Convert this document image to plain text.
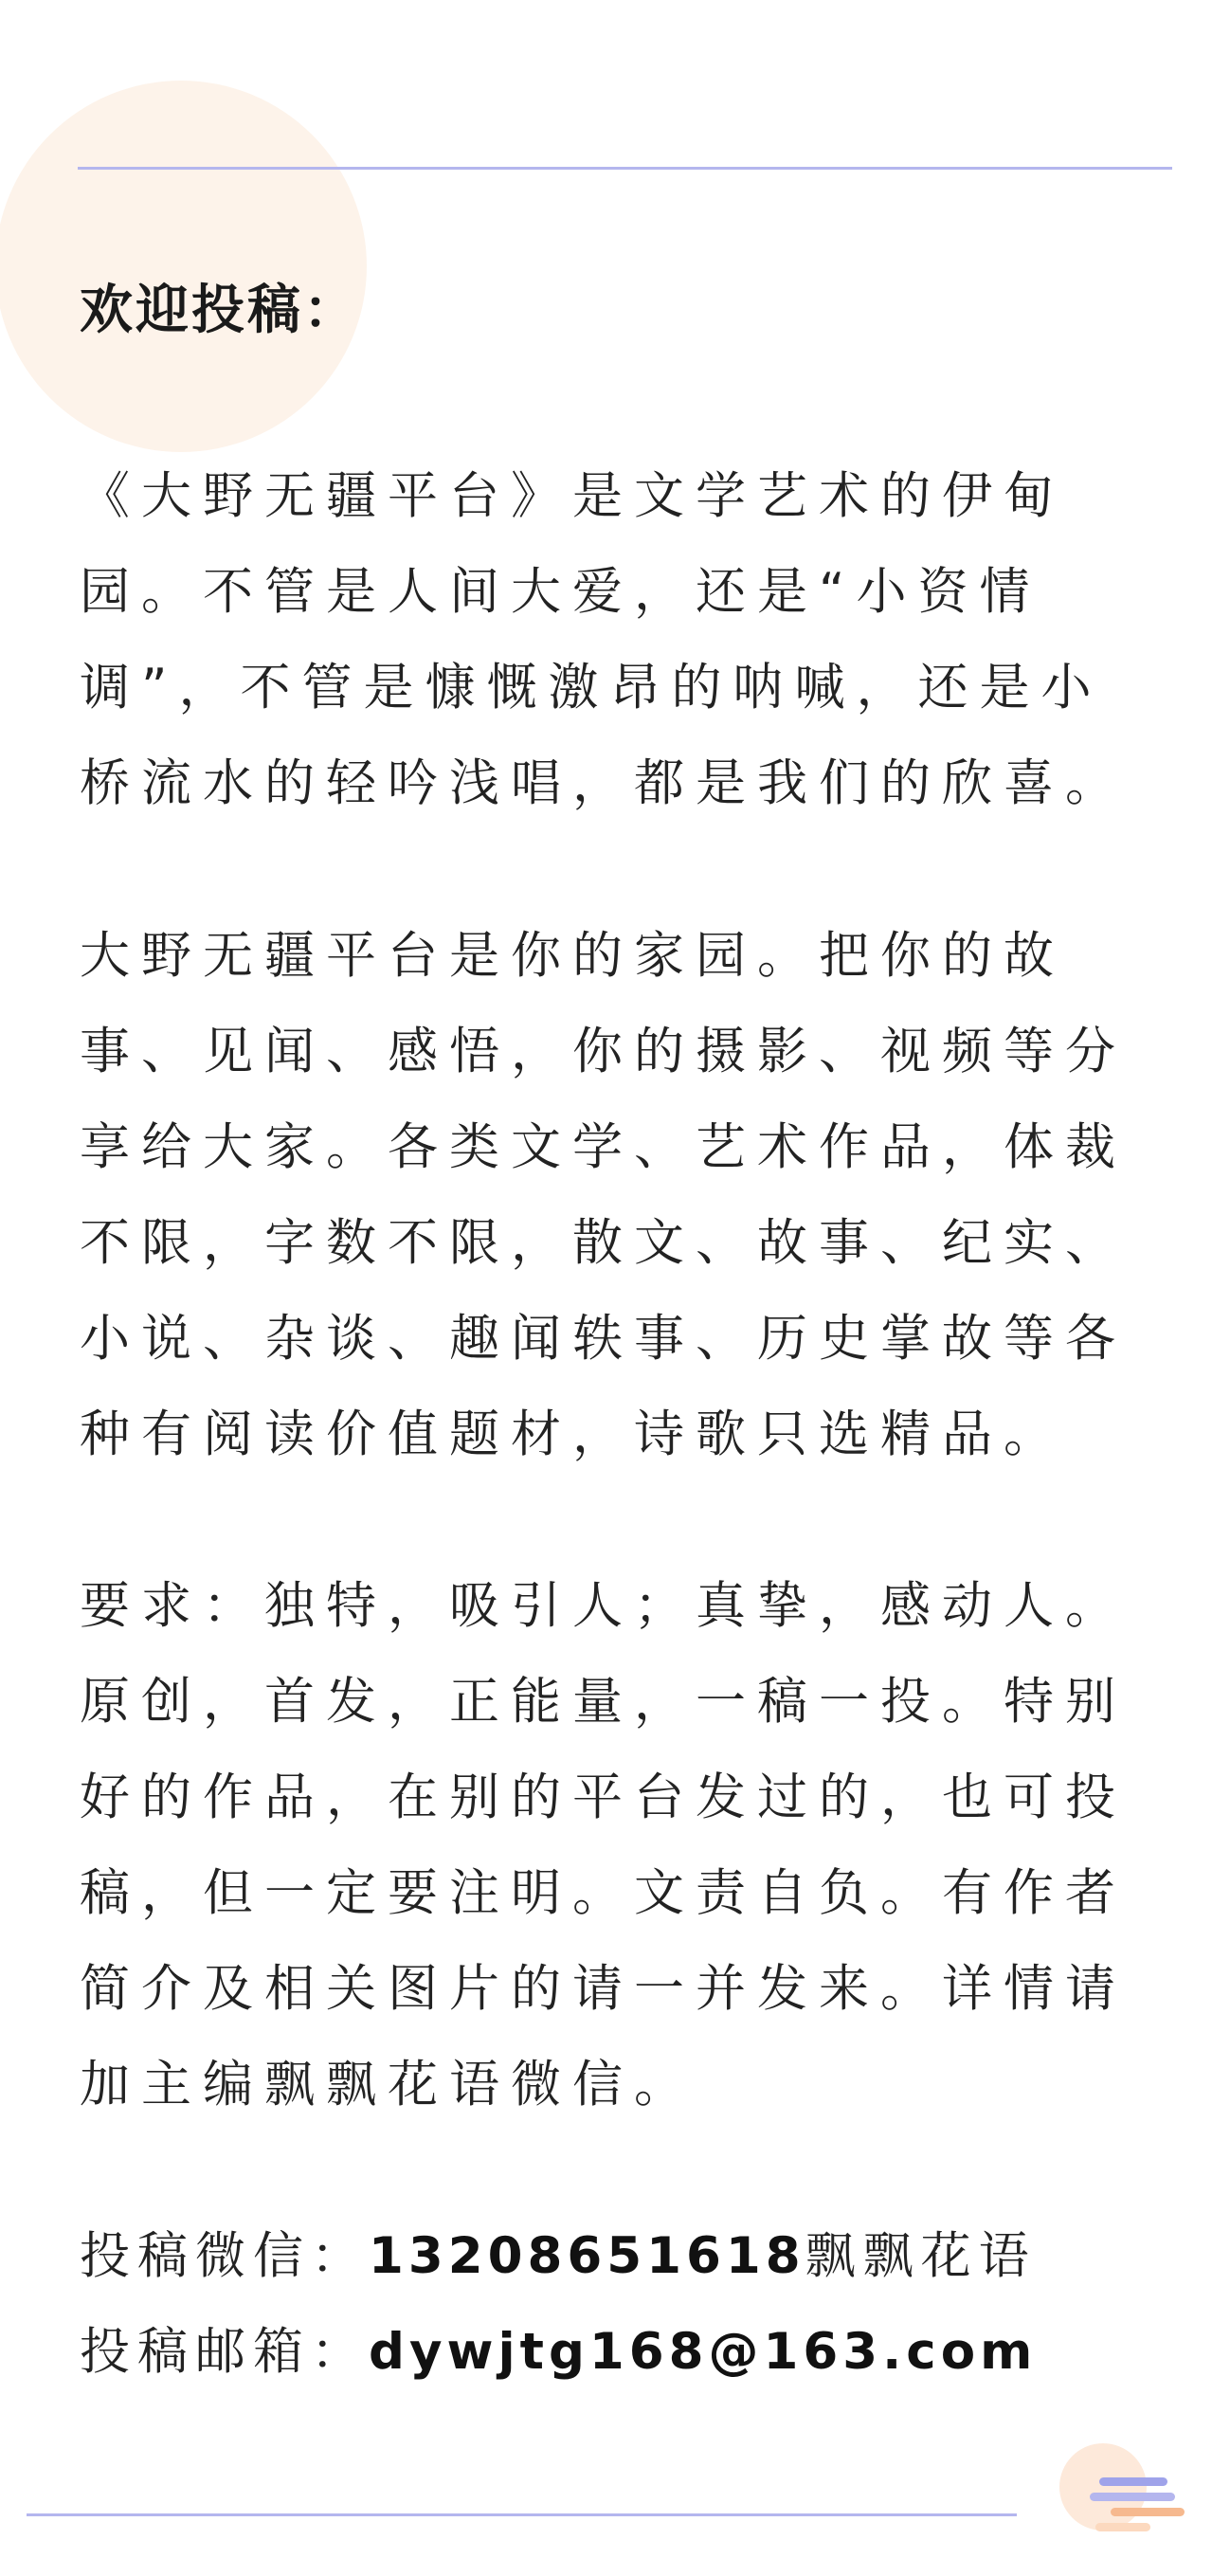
欢迎投稿：

《大野无疆平台》是文学艺术的伊甸园。不管是人间大爱，还是“小资情调”，不管是慷慨激昂的呐喊，还是小桥流水的轻吟浅唱，都是我们的欣喜。

大野无疆平台是你的家园。把你的故事、见闻、感悟，你的摄影、视频等分享给大家。各类文学、艺术作品，体裁不限，字数不限，散文、故事、纪实、小说、杂谈、趣闻轶事、历史掌故等各种有阅读价值题材，诗歌只选精品。

要求：独特，吸引人；真挚，感动人。原创，首发，正能量，一稿一投。特别好的作品，在别的平台发过的，也可投稿，但一定要注明。文责自负。有作者简介及相关图片的请一并发来。详情请加主编飘飘花语微信。

投稿微信：13208651618飘飘花语

投稿邮箱：dywjtg168@163.com
